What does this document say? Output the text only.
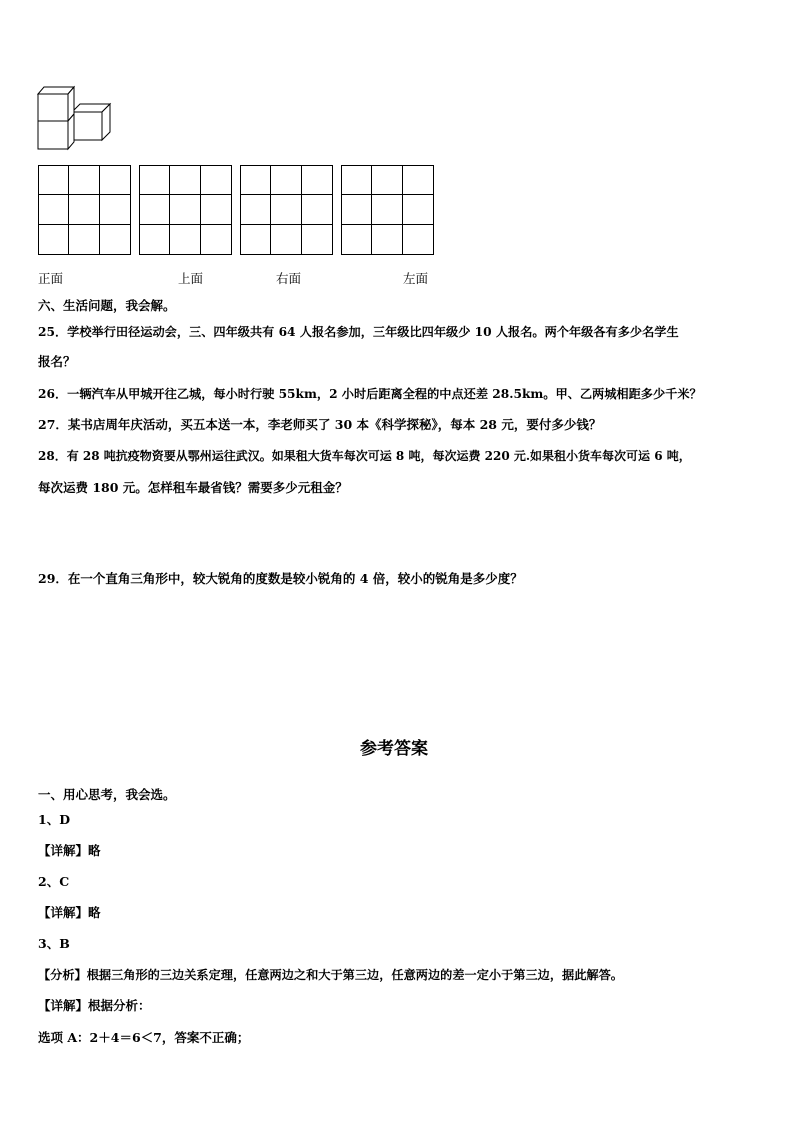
正面	上面	右面	左面
六、生活问题，我会解。
25．学校举行田径运动会，三、四年级共有 64 人报名参加，三年级比四年级少 10 人报名。两个年级各有多少名学生
报名？
26．一辆汽车从甲城开往乙城，每小时行驶 55km，2 小时后距离全程的中点还差 28.5km。甲、乙两城相距多少千米？
27．某书店周年庆活动，买五本送一本，李老师买了 30 本《科学探秘》，每本 28 元，要付多少钱？
28．有 28 吨抗疫物资要从鄂州运往武汉。如果租大货车每次可运 8 吨，每次运费 220 元.如果租小货车每次可运 6 吨，
每次运费 180 元。怎样租车最省钱？需要多少元租金？
29．在一个直角三角形中，较大锐角的度数是较小锐角的 4 倍，较小的锐角是多少度？
参考答案
一、用心思考，我会选。
1、D
【详解】略
2、C
【详解】略
3、B
【分析】根据三角形的三边关系定理，任意两边之和大于第三边，任意两边的差一定小于第三边，据此解答。
【详解】根据分析：
选项 A：2＋4＝6＜7，答案不正确；
